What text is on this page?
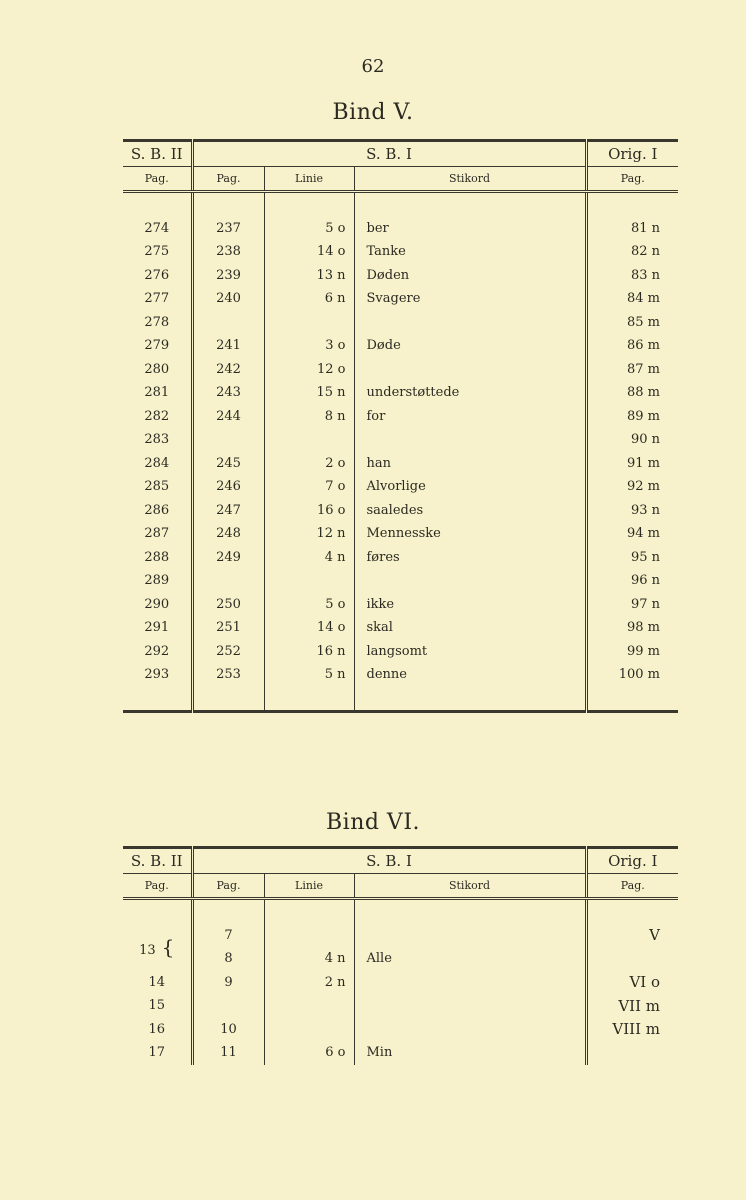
62
Bind V.
S. B. II	S. B. I			Orig. I
Pag.	Pag.	Linie	Stikord	Pag.

274	237	5 o	ber	81 n
275	238	14 o	Tanke	82 n
276	239	13 n	Døden	83 n
277	240	6 n	Svagere	84 m
278				85 m
279	241	3 o	Døde	86 m
280	242	12 o		87 m
281	243	15 n	understøttede	88 m
282	244	8 n	for	89 m
283				90 n
284	245	2 o	han	91 m
285	246	7 o	Alvorlige	92 m
286	247	16 o	saaledes	93 n
287	248	12 n	Mennesske	94 m
288	249	4 n	føres	95 n
289				96 n
290	250	5 o	ikke	97 n
291	251	14 o	skal	98 m
292	252	16 n	langsomt	99 m
293	253	5 n	denne	100 m

Bind VI.
S. B. II	S. B. I			Orig. I
Pag.	Pag.	Linie	Stikord	Pag.

13 {	7			V
	8	4 n	Alle	
14	9	2 n		VI o
15				VII m
16	10			VIII m
17	11	6 o	Min	
